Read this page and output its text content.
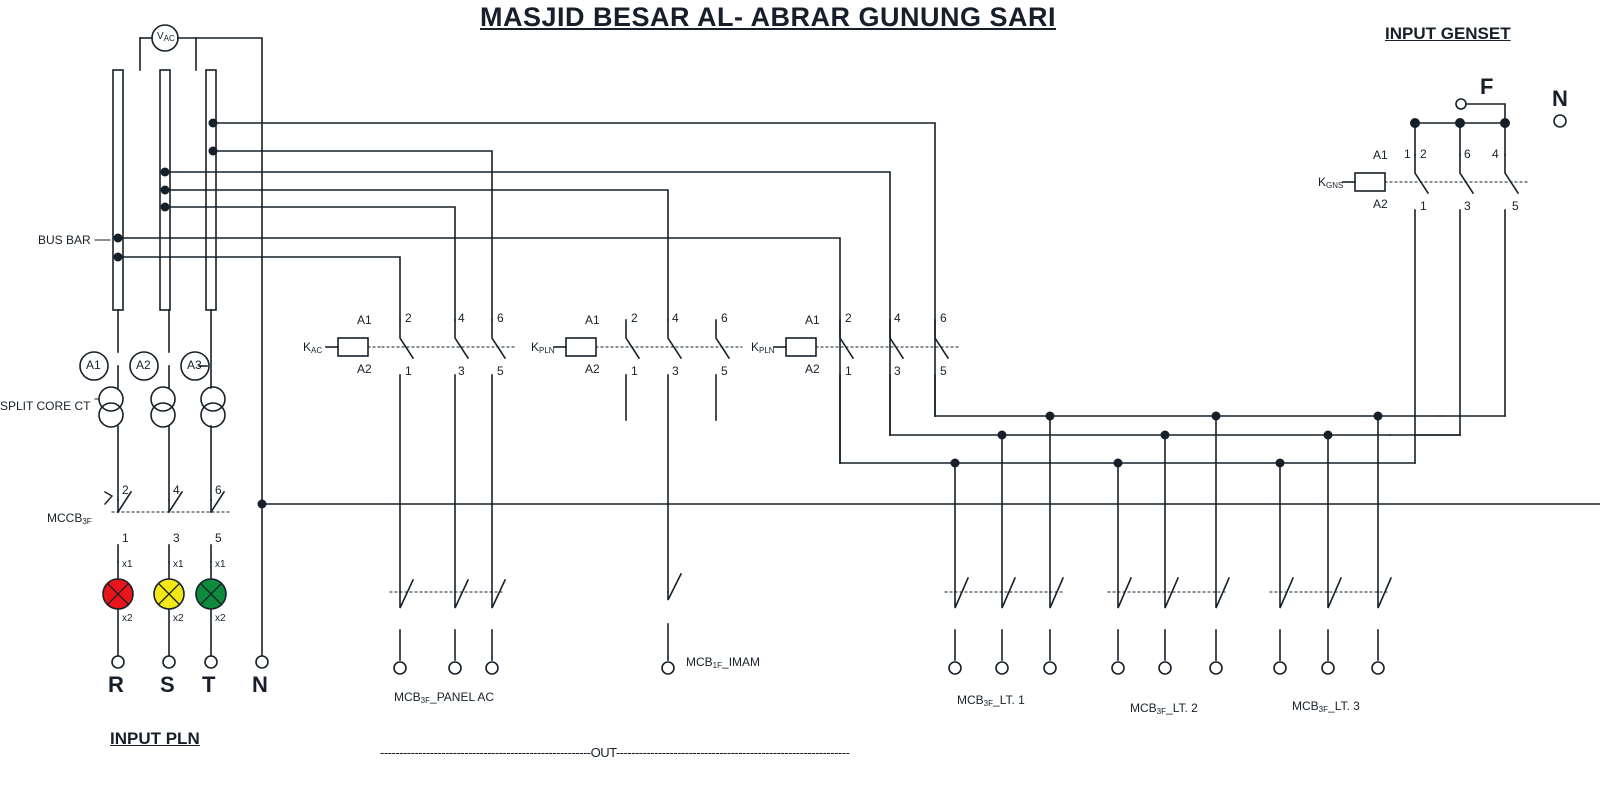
MASJID BESAR AL- ABRAR GUNUNG SARI
INPUT GENSET
INPUT PLN
-------------------------------------------------------OUT-------------------------------------------------------------
BUS BAR
SPLIT CORE CT
$V_{AC}$
A1	A2	A3
$MCCB_{3F}$
2	4	6
1	3	5
x1
x2
x1
x2
x1
x2
R S T N
$K_{AC}$
A1
A2
2	4	6
1	3	5
$K_{PLN}$
A1
A2
2	4	6
1	3	5
$K_{PLN}$
A1
A2
2	4	6
1	3	5
$K_{GNS}$
A1
A2
1 2	6 4
1	3	5
F	N
$MCB_{3F}\_PANEL$ AC
$MCB_{1F}\_IMAM$
$MCB_{3F}\_LT$. 1
$MCB_{3F}\_LT$. 2	$MCB_{3F}\_LT$. 3
